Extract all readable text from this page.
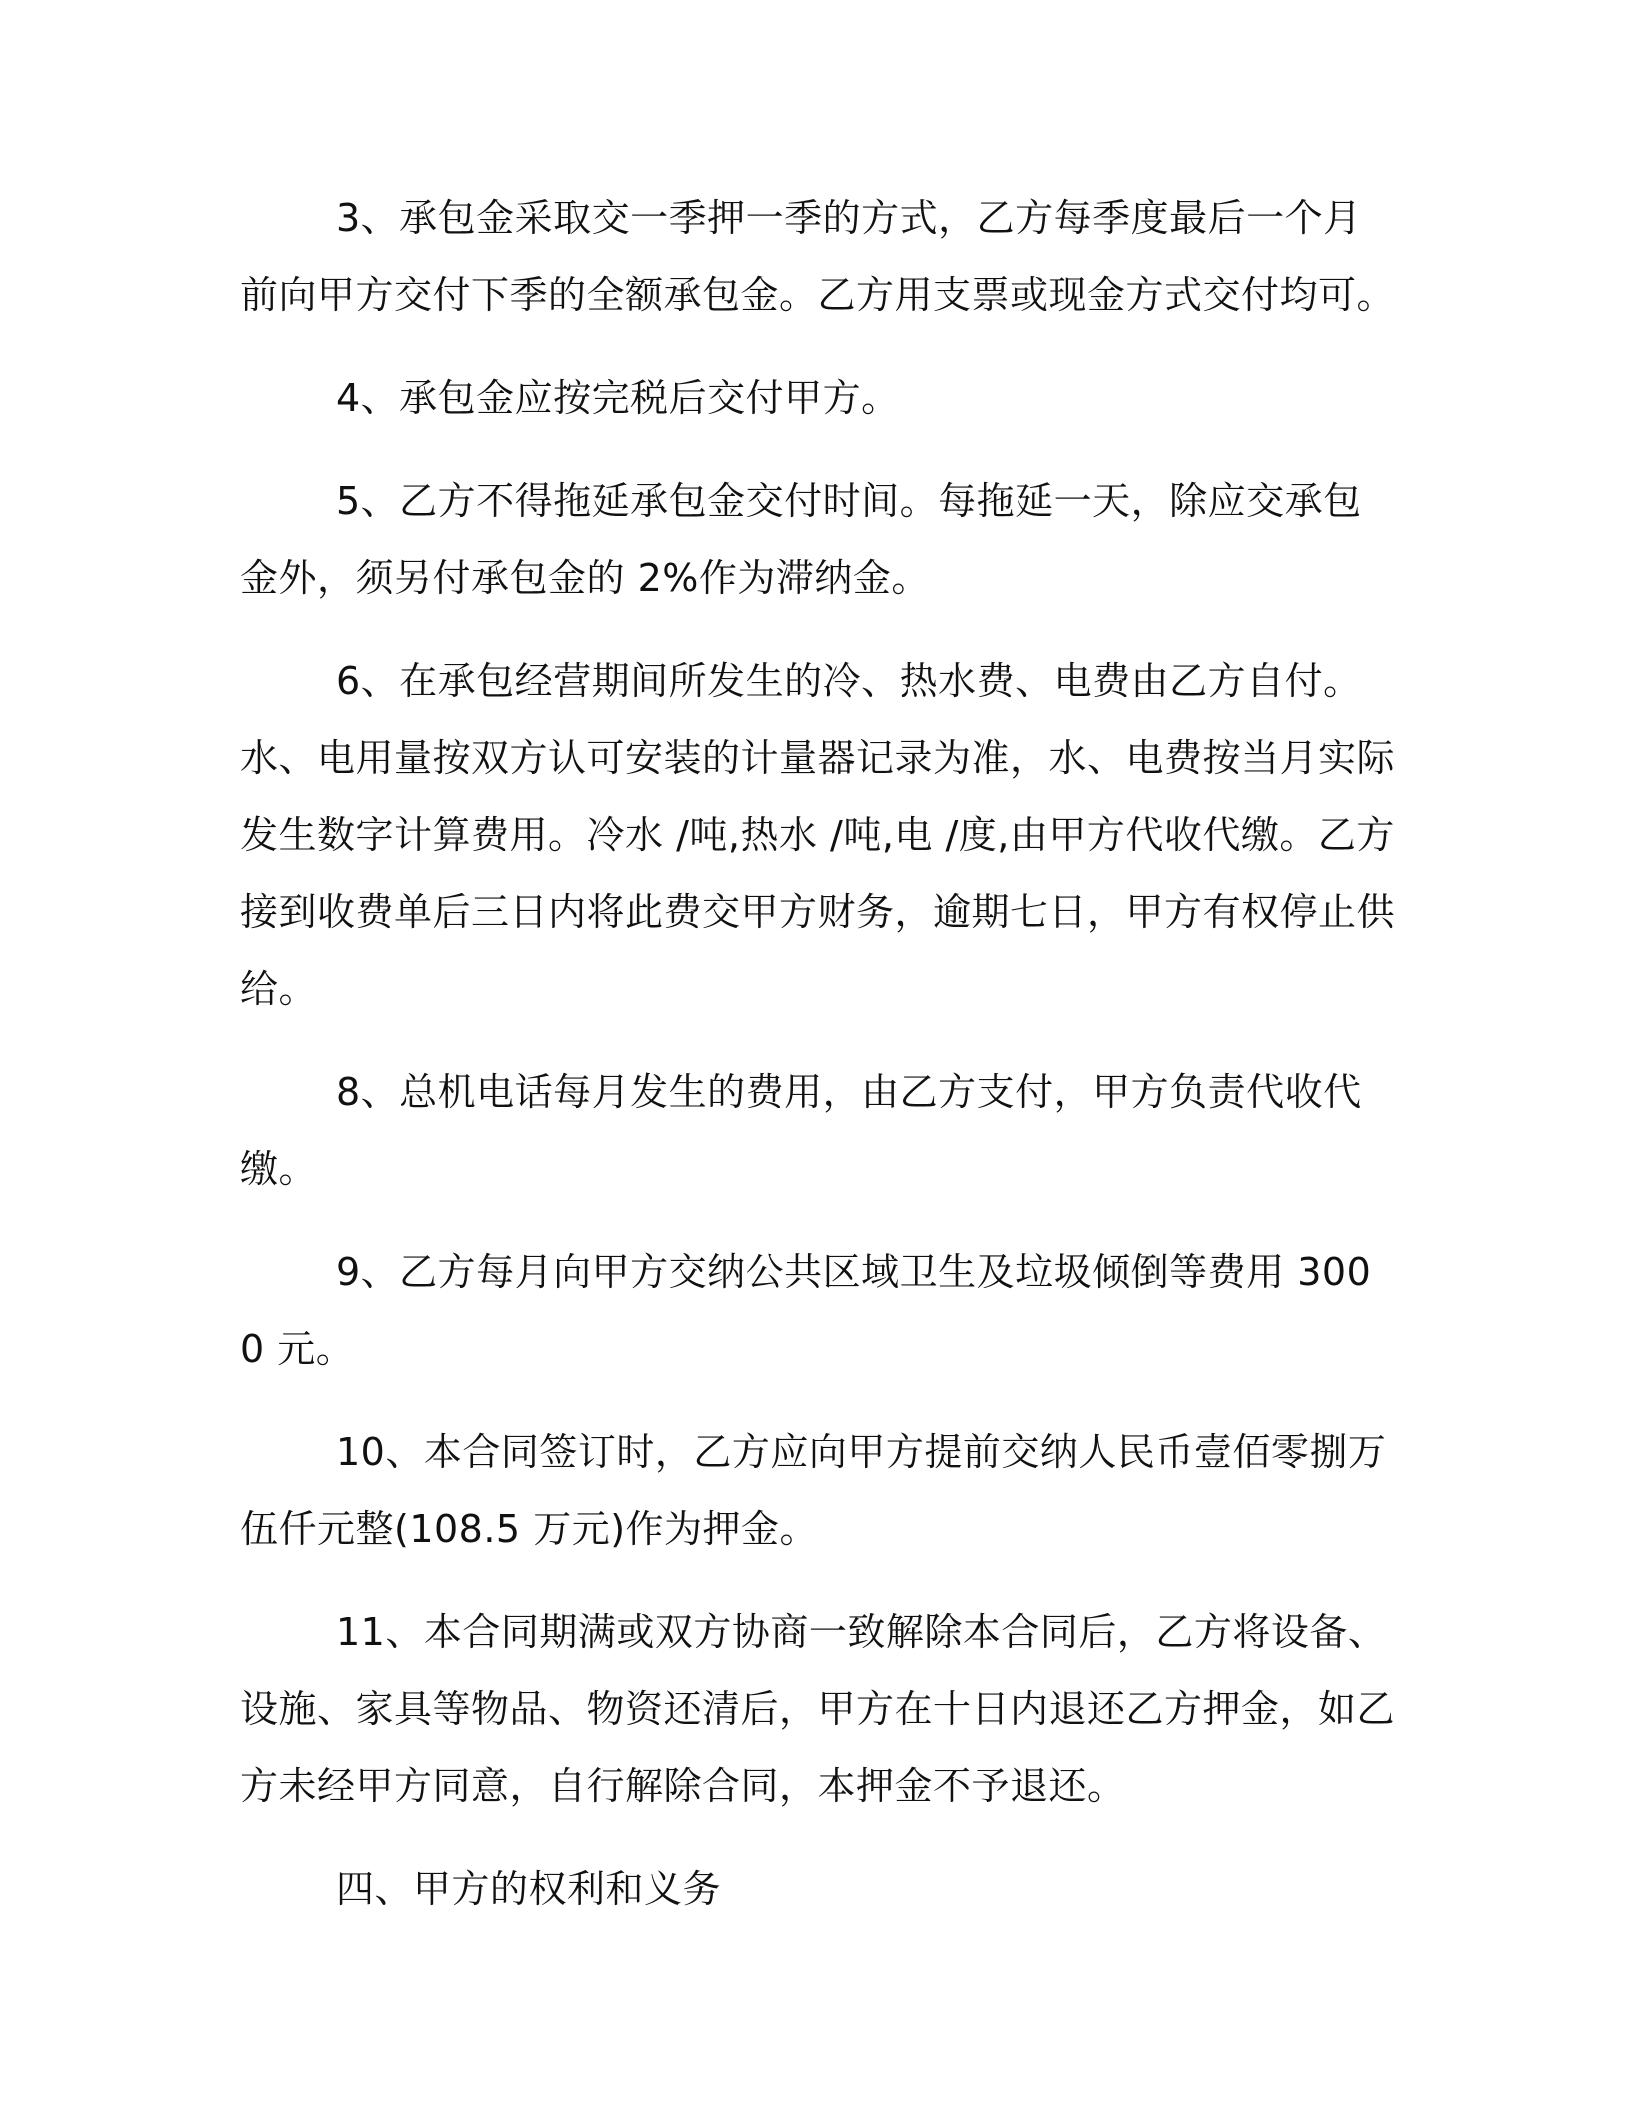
3、承包金采取交一季押一季的方式，乙方每季度最后一个月前向甲方交付下季的全额承包金。乙方用支票或现金方式交付均可。

4、承包金应按完税后交付甲方。

5、乙方不得拖延承包金交付时间。每拖延一天，除应交承包金外，须另付承包金的 2%作为滞纳金。

6、在承包经营期间所发生的冷、热水费、电费由乙方自付。水、电用量按双方认可安装的计量器记录为准，水、电费按当月实际发生数字计算费用。冷水 /吨,热水 /吨,电 /度,由甲方代收代缴。乙方接到收费单后三日内将此费交甲方财务，逾期七日，甲方有权停止供给。

8、总机电话每月发生的费用，由乙方支付，甲方负责代收代缴。

9、乙方每月向甲方交纳公共区域卫生及垃圾倾倒等费用 3000 元。

10、本合同签订时，乙方应向甲方提前交纳人民币壹佰零捌万伍仟元整(108.5 万元)作为押金。

11、本合同期满或双方协商一致解除本合同后，乙方将设备、设施、家具等物品、物资还清后，甲方在十日内退还乙方押金，如乙方未经甲方同意，自行解除合同，本押金不予退还。

四、甲方的权利和义务
